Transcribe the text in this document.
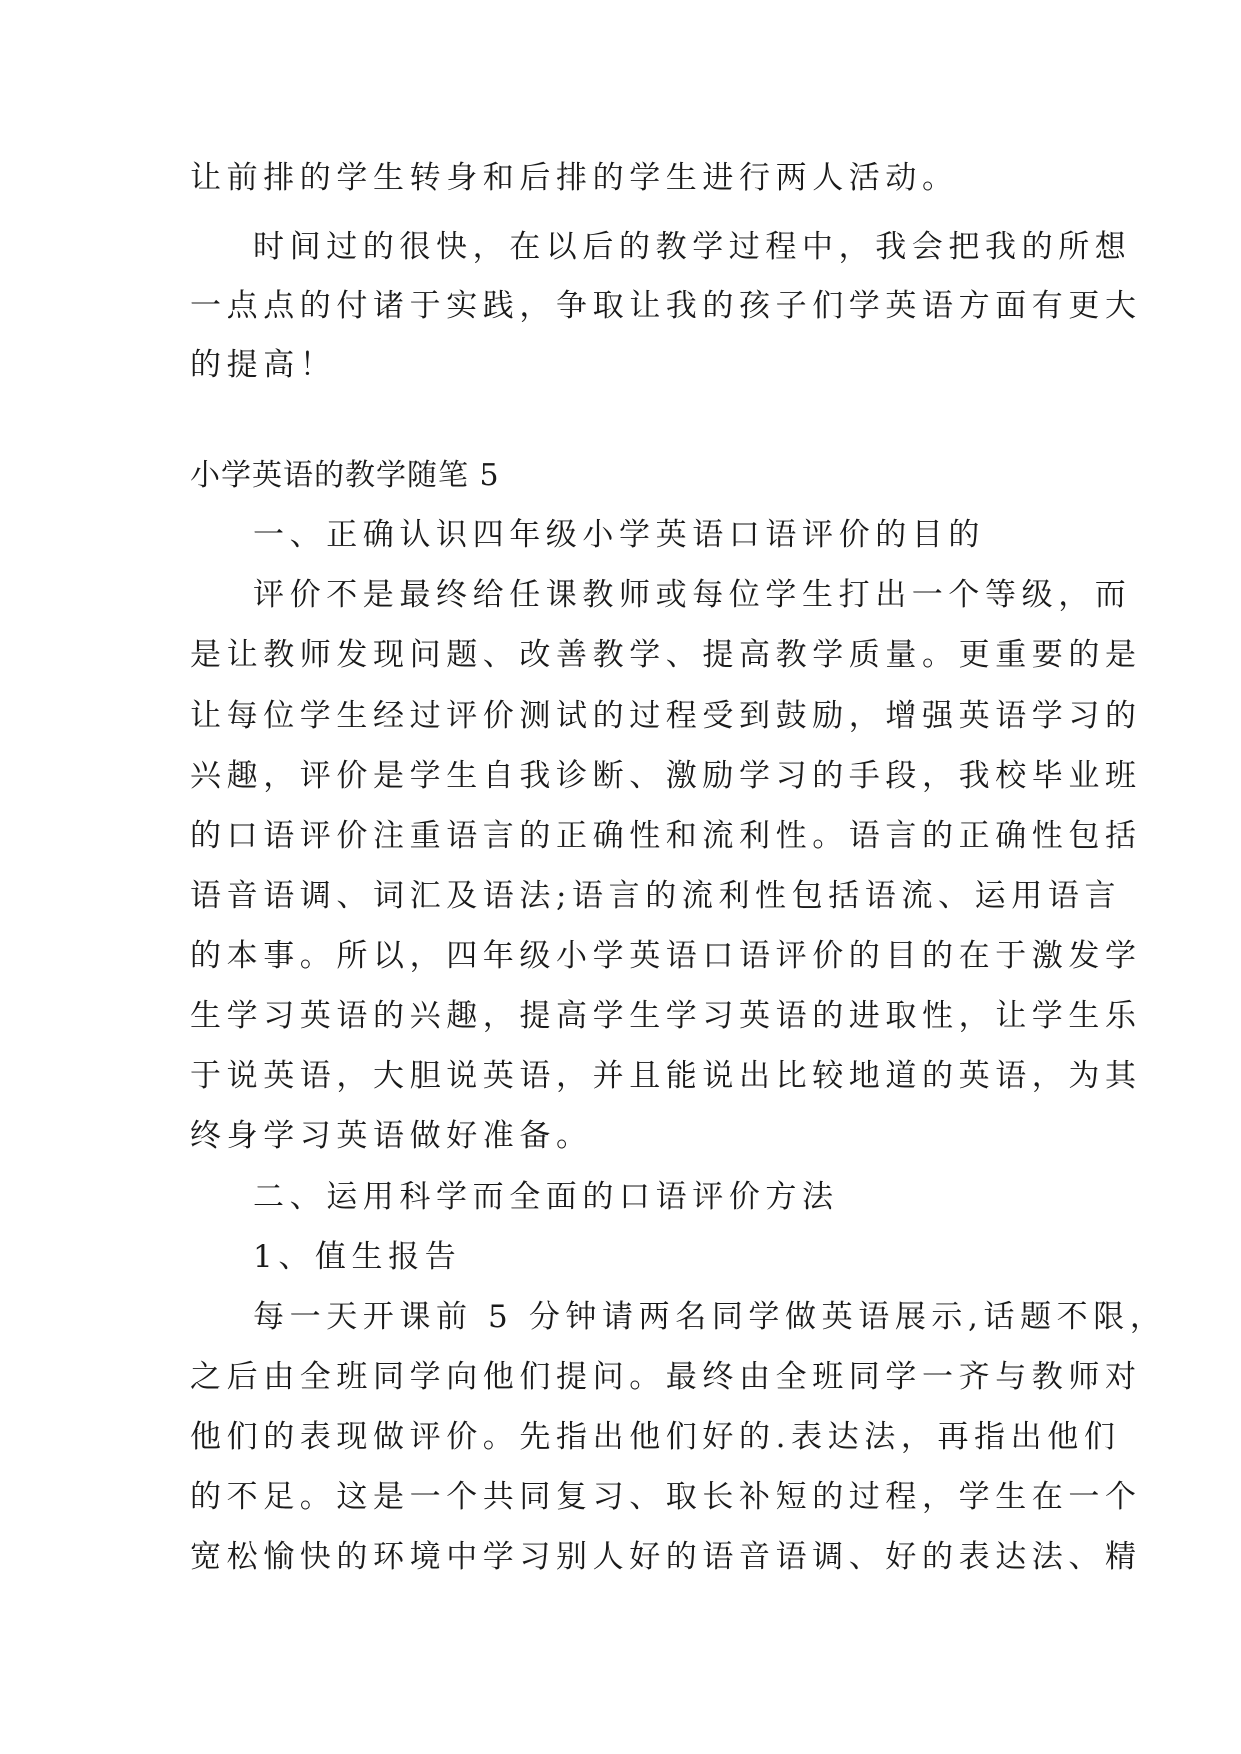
让前排的学生转身和后排的学生进行两人活动。
时间过的很快，在以后的教学过程中，我会把我的所想
一点点的付诸于实践，争取让我的孩子们学英语方面有更大
的提高！
小学英语的教学随笔 5
一、正确认识四年级小学英语口语评价的目的
评价不是最终给任课教师或每位学生打出一个等级，而
是让教师发现问题、改善教学、提高教学质量。更重要的是
让每位学生经过评价测试的过程受到鼓励，增强英语学习的
兴趣，评价是学生自我诊断、激励学习的手段，我校毕业班
的口语评价注重语言的正确性和流利性。语言的正确性包括
语音语调、词汇及语法;语言的流利性包括语流、运用语言
的本事。所以，四年级小学英语口语评价的目的在于激发学
生学习英语的兴趣，提高学生学习英语的进取性，让学生乐
于说英语，大胆说英语，并且能说出比较地道的英语，为其
终身学习英语做好准备。
二、运用科学而全面的口语评价方法
1、值生报告
每一天开课前 5 分钟请两名同学做英语展示,话题不限，
之后由全班同学向他们提问。最终由全班同学一齐与教师对
他们的表现做评价。先指出他们好的.表达法，再指出他们
的不足。这是一个共同复习、取长补短的过程，学生在一个
宽松愉快的环境中学习别人好的语音语调、好的表达法、精
